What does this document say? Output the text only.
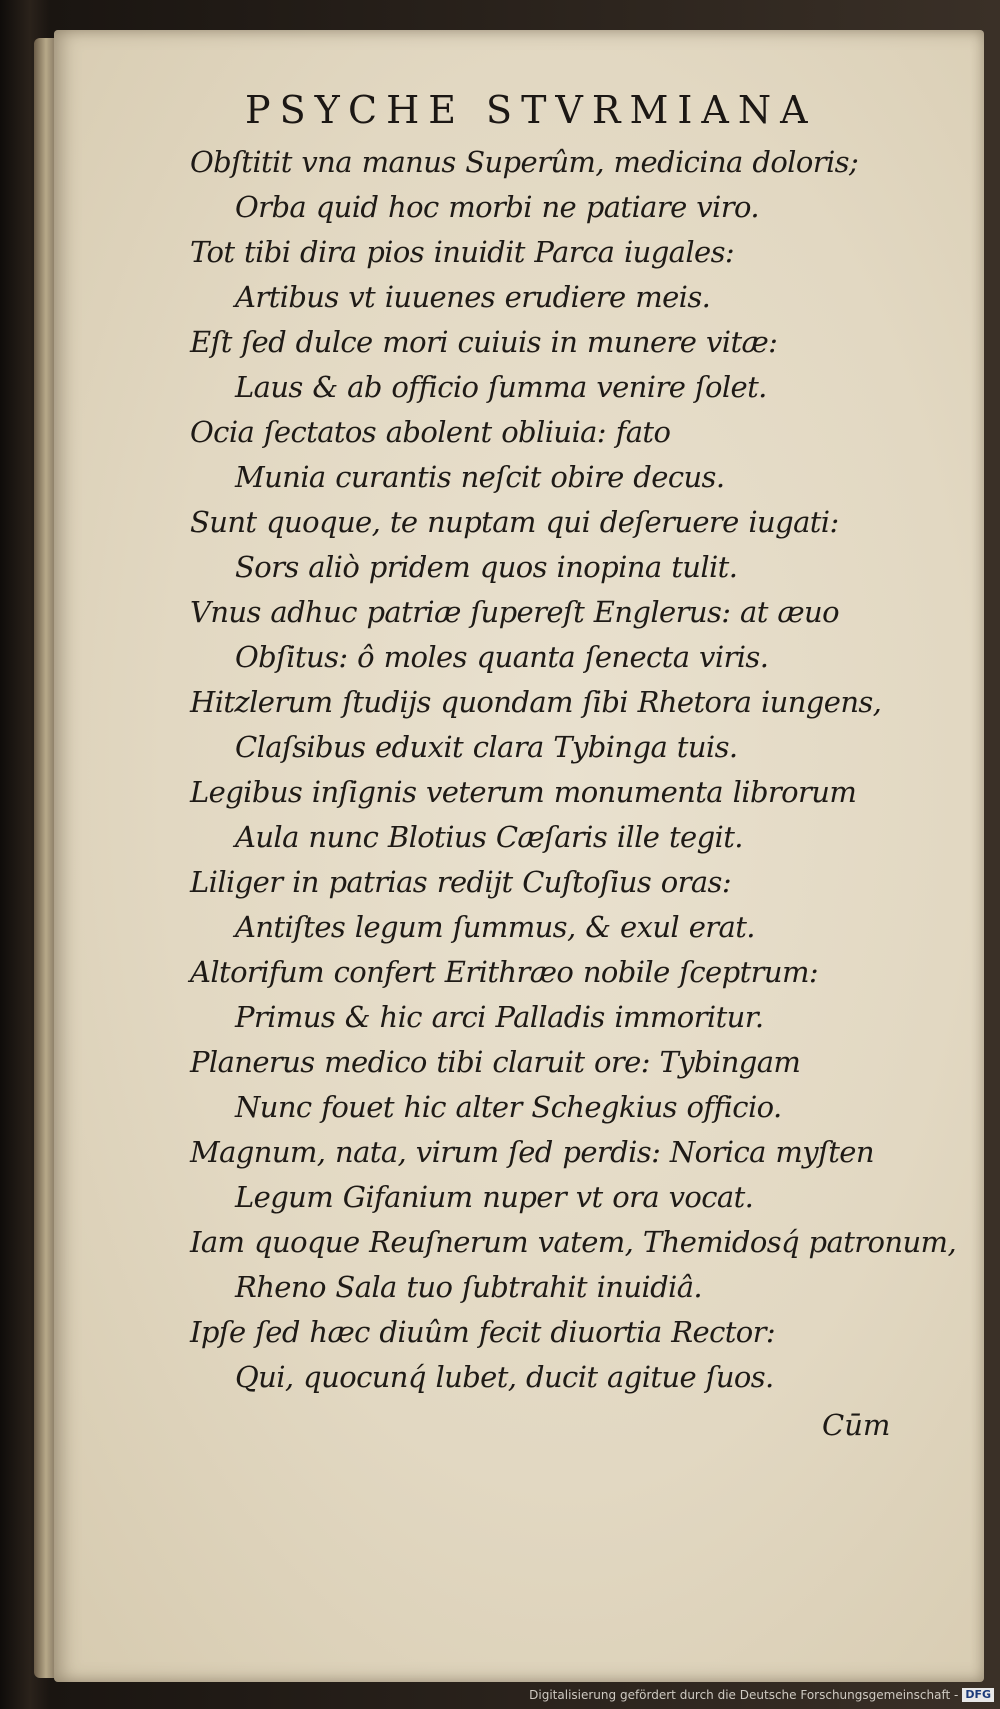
PSYCHE STVRMIANA
Obſtitit vna manus Superûm, medicina doloris;
Orba quid hoc morbi ne patiare viro.
Tot tibi dira pios inuidit Parca iugales:
Artibus vt iuuenes erudiere meis.
Eſt ſed dulce mori cuiuis in munere vitæ:
Laus & ab officio ſumma venire ſolet.
Ocia ſectatos abolent obliuia: fato
Munia curantis neſcit obire decus.
Sunt quoque, te nuptam qui deſeruere iugati:
Sors aliò pridem quos inopina tulit.
Vnus adhuc patriæ ſupereſt Englerus: at æuo
Obſitus: ô moles quanta ſenecta viris.
Hitzlerum ſtudijs quondam ſibi Rhetora iungens,
Claſsibus eduxit clara Tybinga tuis.
Legibus inſignis veterum monumenta librorum
Aula nunc Blotius Cæſaris ille tegit.
Liliger in patrias redijt Cuſtoſius oras:
Antiſtes legum ſummus, & exul erat.
Altorifum confert Erithræo nobile ſceptrum:
Primus & hic arci Palladis immoritur.
Planerus medico tibi claruit ore: Tybingam
Nunc fouet hic alter Schegkius officio.
Magnum, nata, virum ſed perdis: Norica myſten
Legum Gifanium nuper vt ora vocat.
Iam quoque Reuſnerum vatem, Themidosq́ patronum,
Rheno Sala tuo ſubtrahit inuidiâ.
Ipſe ſed hæc diuûm fecit diuortia Rector:
Qui, quocunq́ lubet, ducit agitue ſuos.
Cūm
Digitalisierung gefördert durch die Deutsche Forschungsgemeinschaft - DFG
